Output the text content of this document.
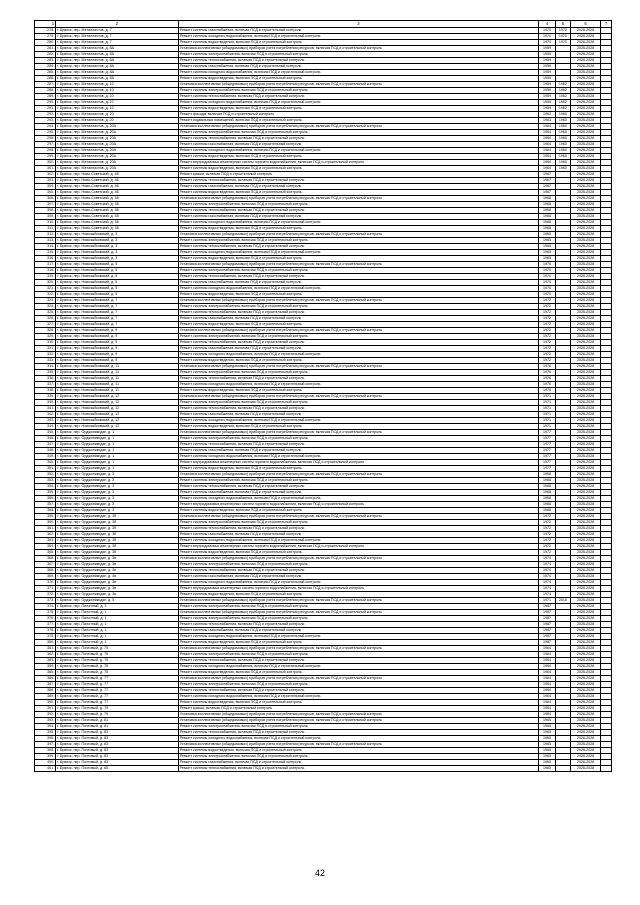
1	2	3	4	5	6	7
278.	г. Брянск, пер. Металлистов, д. 7	Ремонт системы газоснабжения, включая ПСД и строительный контроль	1970	1970	2026-2028	
279.	г. Брянск, пер. Металлистов, д. 7	Ремонт системы холодного водоснабжения, включая ПСД и строительный контроль	1970	1970	2026-2028	
280.	г. Брянск, пер. Металлистов, д. 7	Ремонт системы водоотведения, включая ПСД и строительный контроль	1970	1970	2026-2028	
281.	г. Брянск, пер. Металлистов, д. 8А	Установка коллективных (общедомовых) приборов учета потребления ресурсов, включая ПСД и строительный контроль	1959		2026-2028	
282.	г. Брянск, пер. Металлистов, д. 8А	Ремонт системы электроснабжения, включая ПСД и строительный контроль	1959		2026-2028	
283.	г. Брянск, пер. Металлистов, д. 8А	Ремонт системы теплоснабжения, включая ПСД и строительный контроль	1959		2026-2028	
284.	г. Брянск, пер. Металлистов, д. 8А	Ремонт системы газоснабжения, включая ПСД и строительный контроль	1959		2026-2028	
285.	г. Брянск, пер. Металлистов, д. 8А	Ремонт системы холодного водоснабжения, включая ПСД и строительный контроль	1959		2026-2028	
286.	г. Брянск, пер. Металлистов, д. 8А	Ремонт системы водоотведения, включая ПСД и строительный контроль	1959		2026-2028	
287.	г. Брянск, пер. Металлистов, д. 10	Установка коллективных (общедомовых) приборов учета потребления ресурсов, включая ПСД и строительный контроль	1959	1962	2026-2028	
288.	г. Брянск, пер. Металлистов, д. 10	Ремонт системы электроснабжения, включая ПСД и строительный контроль	1959	1962	2026-2028	
289.	г. Брянск, пер. Металлистов, д. 10	Ремонт системы теплоснабжения, включая ПСД и строительный контроль	1959	1962	2026-2028	
290.	г. Брянск, пер. Металлистов, д. 10	Ремонт системы холодного водоснабжения, включая ПСД и строительный контроль	1959	1962	2026-2028	
291.	г. Брянск, пер. Металлистов, д. 10	Ремонт системы водоотведения, включая ПСД и строительный контроль	1959	1962	2026-2028	
292.	г. Брянск, пер. Металлистов, д. 20	Ремонт фасада, включая ПСД и строительный контроль	1963	1960	2026-2028	
293.	г. Брянск, пер. Металлистов, д. 20	Ремонт подвальных помещений, включая ПСД и строительный контроль	1963	1960	2026-2028	
294.	г. Брянск, пер. Металлистов, д. 20А	Установка коллективных (общедомовых) приборов учета потребления ресурсов, включая ПСД и строительный контроль	1964	1960	2026-2028	
295.	г. Брянск, пер. Металлистов, д. 20А	Ремонт системы электроснабжения, включая ПСД и строительный контроль	1964	1960	2026-2028	
296.	г. Брянск, пер. Металлистов, д. 20А	Ремонт системы теплоснабжения, включая ПСД и строительный контроль	1964	1960	2026-2028	
297.	г. Брянск, пер. Металлистов, д. 20А	Ремонт системы газоснабжения, включая ПСД и строительный контроль	1964	1960	2026-2028	
298.	г. Брянск, пер. Металлистов, д. 20А	Ремонт системы холодного водоснабжения, включая ПСД и строительный контроль	1964	1960	2026-2028	
299.	г. Брянск, пер. Металлистов, д. 20А	Ремонт системы водоотведения, включая ПСД и строительный контроль	1964	1960	2026-2028	
300.	г. Брянск, пер. Металлистов, д. 20А	Ремонт внутридомовых инженерных систем горячего водоснабжения, включая ПСД и строительный контроль	1964	1960	2026-2028	
301.	г. Брянск, пер. Металлистов, д. 20А	Ремонт системы водоотведения, включая ПСД и строительный контроль	1964	1960	2026-2028	
302.	г. Брянск, пер. Ново-Советский, д. 46	Ремонт крыши, включая ПСД и строительный контроль	1967		2026-2028	
303.	г. Брянск, пер. Ново-Советский, д. 46	Ремонт системы теплоснабжения, включая ПСД и строительный контроль	1967		2026-2028	
304.	г. Брянск, пер. Ново-Советский, д. 46	Ремонт системы газоснабжения, включая ПСД и строительный контроль	1967		2026-2028	
305.	г. Брянск, пер. Ново-Советский, д. 46	Ремонт системы водоотведения, включая ПСД и строительный контроль	1967		2026-2028	
306.	г. Брянск, пер. Ново-Советский, д. 48	Установка коллективных (общедомовых) приборов учета потребления ресурсов, включая ПСД и строительный контроль	1968		2026-2028	
307.	г. Брянск, пер. Ново-Советский, д. 48	Ремонт системы электроснабжения, включая ПСД и строительный контроль	1968		2026-2028	
308.	г. Брянск, пер. Ново-Советский, д. 48	Ремонт системы теплоснабжения, включая ПСД и строительный контроль	1968		2026-2028	
309.	г. Брянск, пер. Ново-Советский, д. 48	Ремонт системы газоснабжения, включая ПСД и строительный контроль	1968		2026-2028	
310.	г. Брянск, пер. Ново-Советский, д. 48	Ремонт системы холодного водоснабжения, включая ПСД и строительный контроль	1968		2026-2028	
311.	г. Брянск, пер. Ново-Советский, д. 48	Ремонт системы водоотведения, включая ПСД и строительный контроль	1968		2026-2028	
312.	г. Брянск, пер. Новозыбковский, д. 3	Установка коллективных (общедомовых) приборов учета потребления ресурсов, включая ПСД и строительный контроль	1965		2026-2028	
313.	г. Брянск, пер. Новозыбковский, д. 3	Ремонт системы электроснабжения, включая ПСД и строительный контроль	1965		2026-2028	
314.	г. Брянск, пер. Новозыбковский, д. 3	Ремонт системы теплоснабжения, включая ПСД и строительный контроль	1965		2026-2028	
315.	г. Брянск, пер. Новозыбковский, д. 3	Ремонт системы холодного водоснабжения, включая ПСД и строительный контроль	1965		2026-2028	
316.	г. Брянск, пер. Новозыбковский, д. 3	Ремонт системы водоотведения, включая ПСД и строительный контроль	1965		2026-2028	
317.	г. Брянск, пер. Новозыбковский, д. 5	Установка коллективных (общедомовых) приборов учета потребления ресурсов, включая ПСД и строительный контроль	1970		2026-2028	
318.	г. Брянск, пер. Новозыбковский, д. 5	Ремонт системы электроснабжения, включая ПСД и строительный контроль	1970		2026-2028	
319.	г. Брянск, пер. Новозыбковский, д. 5	Ремонт системы теплоснабжения, включая ПСД и строительный контроль	1970		2026-2028	
320.	г. Брянск, пер. Новозыбковский, д. 5	Ремонт системы газоснабжения, включая ПСД и строительный контроль	1970		2026-2028	
321.	г. Брянск, пер. Новозыбковский, д. 5	Ремонт системы холодного водоснабжения, включая ПСД и строительный контроль	1970		2026-2028	
322.	г. Брянск, пер. Новозыбковский, д. 5	Ремонт системы водоотведения, включая ПСД и строительный контроль	1970		2026-2028	
323.	г. Брянск, пер. Новозыбковский, д. 7	Установка коллективных (общедомовых) приборов учета потребления ресурсов, включая ПСД и строительный контроль	1972		2026-2028	
324.	г. Брянск, пер. Новозыбковский, д. 7	Ремонт системы электроснабжения, включая ПСД и строительный контроль	1972		2026-2028	
325.	г. Брянск, пер. Новозыбковский, д. 7	Ремонт системы теплоснабжения, включая ПСД и строительный контроль	1972		2026-2028	
326.	г. Брянск, пер. Новозыбковский, д. 7	Ремонт системы газоснабжения, включая ПСД и строительный контроль	1972		2026-2028	
327.	г. Брянск, пер. Новозыбковский, д. 7	Ремонт системы водоотведения, включая ПСД и строительный контроль	1972		2026-2028	
328.	г. Брянск, пер. Новозыбковский, д. 9	Установка коллективных (общедомовых) приборов учета потребления ресурсов, включая ПСД и строительный контроль	1972		2026-2028	
329.	г. Брянск, пер. Новозыбковский, д. 9	Ремонт системы электроснабжения, включая ПСД и строительный контроль	1972		2026-2028	
330.	г. Брянск, пер. Новозыбковский, д. 9	Ремонт системы теплоснабжения, включая ПСД и строительный контроль	1972		2026-2028	
331.	г. Брянск, пер. Новозыбковский, д. 9	Ремонт системы газоснабжения, включая ПСД и строительный контроль	1972		2026-2028	
332.	г. Брянск, пер. Новозыбковский, д. 9	Ремонт системы холодного водоснабжения, включая ПСД и строительный контроль	1972		2026-2028	
333.	г. Брянск, пер. Новозыбковский, д. 9	Ремонт системы водоотведения, включая ПСД и строительный контроль	1972		2026-2028	
334.	г. Брянск, пер. Новозыбковский, д. 11	Установка коллективных (общедомовых) приборов учета потребления ресурсов, включая ПСД и строительный контроль	1976		2026-2028	
335.	г. Брянск, пер. Новозыбковский, д. 11	Ремонт системы электроснабжения, включая ПСД и строительный контроль	1976		2026-2028	
336.	г. Брянск, пер. Новозыбковский, д. 11	Ремонт системы теплоснабжения, включая ПСД и строительный контроль	1976		2026-2028	
337.	г. Брянск, пер. Новозыбковский, д. 11	Ремонт системы холодного водоснабжения, включая ПСД и строительный контроль	1976		2026-2028	
338.	г. Брянск, пер. Новозыбковский, д. 11	Ремонт системы водоотведения, включая ПСД и строительный контроль	1976		2026-2028	
339.	г. Брянск, пер. Новозыбковский, д. 12	Установка коллективных (общедомовых) приборов учета потребления ресурсов, включая ПСД и строительный контроль	1971		2026-2028	
340.	г. Брянск, пер. Новозыбковский, д. 12	Ремонт системы электроснабжения, включая ПСД и строительный контроль	1971		2026-2028	
341.	г. Брянск, пер. Новозыбковский, д. 12	Ремонт системы теплоснабжения, включая ПСД и строительный контроль	1971		2026-2028	
342.	г. Брянск, пер. Новозыбковский, д. 12	Ремонт системы газоснабжения, включая ПСД и строительный контроль	1971		2026-2028	
343.	г. Брянск, пер. Новозыбковский, д. 12	Ремонт системы холодного водоснабжения, включая ПСД и строительный контроль	1971		2026-2028	
344.	г. Брянск, пер. Новозыбковский, д. 12	Ремонт системы водоотведения, включая ПСД и строительный контроль	1971		2026-2028	
345.	г. Брянск, пер. Орджоникидзе, д. 1	Установка коллективных (общедомовых) приборов учета потребления ресурсов, включая ПСД и строительный контроль	1977		2026-2028	
346.	г. Брянск, пер. Орджоникидзе, д. 1	Ремонт системы электроснабжения, включая ПСД и строительный контроль	1977		2026-2028	
347.	г. Брянск, пер. Орджоникидзе, д. 1	Ремонт системы теплоснабжения, включая ПСД и строительный контроль	1977		2026-2028	
348.	г. Брянск, пер. Орджоникидзе, д. 1	Ремонт системы газоснабжения, включая ПСД и строительный контроль	1977		2026-2028	
349.	г. Брянск, пер. Орджоникидзе, д. 1	Ремонт системы холодного водоснабжения, включая ПСД и строительный контроль	1977		2026-2028	
350.	г. Брянск, пер. Орджоникидзе, д. 1	Ремонт внутридомовых инженерных систем горячего водоснабжения, включая ПСД и строительный контроль	1977		2026-2028	
351.	г. Брянск, пер. Орджоникидзе, д. 1	Ремонт системы водоотведения, включая ПСД и строительный контроль	1977		2026-2028	
352.	г. Брянск, пер. Орджоникидзе, д. 3	Установка коллективных (общедомовых) приборов учета потребления ресурсов, включая ПСД и строительный контроль	1968		2026-2028	
353.	г. Брянск, пер. Орджоникидзе, д. 3	Ремонт системы электроснабжения, включая ПСД и строительный контроль	1968		2026-2028	
354.	г. Брянск, пер. Орджоникидзе, д. 3	Ремонт системы теплоснабжения, включая ПСД и строительный контроль	1968		2026-2028	
355.	г. Брянск, пер. Орджоникидзе, д. 3	Ремонт системы газоснабжения, включая ПСД и строительный контроль	1968		2026-2028	
356.	г. Брянск, пер. Орджоникидзе, д. 3	Ремонт системы холодного водоснабжения, включая ПСД и строительный контроль	1968		2026-2028	
357.	г. Брянск, пер. Орджоникидзе, д. 3	Ремонт внутридомовых инженерных систем горячего водоснабжения, включая ПСД и строительный контроль	1968		2026-2028	
358.	г. Брянск, пер. Орджоникидзе, д. 3	Ремонт системы водоотведения, включая ПСД и строительный контроль	1968		2026-2028	
359.	г. Брянск, пер. Орджоникидзе, д. 3б	Установка коллективных (общедомовых) приборов учета потребления ресурсов, включая ПСД и строительный контроль	1972		2026-2028	
360.	г. Брянск, пер. Орджоникидзе, д. 3б	Ремонт системы электроснабжения, включая ПСД и строительный контроль	1972		2026-2028	
361.	г. Брянск, пер. Орджоникидзе, д. 3б	Ремонт системы теплоснабжения, включая ПСД и строительный контроль	1972		2026-2028	
362.	г. Брянск, пер. Орджоникидзе, д. 3б	Ремонт системы газоснабжения, включая ПСД и строительный контроль	1972		2026-2028	
363.	г. Брянск, пер. Орджоникидзе, д. 3б	Ремонт системы холодного водоснабжения, включая ПСД и строительный контроль	1972		2026-2028	
364.	г. Брянск, пер. Орджоникидзе, д. 3б	Ремонт внутридомовых инженерных систем горячего водоснабжения, включая ПСД и строительный контроль	1972		2026-2028	
365.	г. Брянск, пер. Орджоникидзе, д. 3б	Ремонт системы водоотведения, включая ПСД и строительный контроль	1972		2026-2028	
366.	г. Брянск, пер. Орджоникидзе, д. 3в	Установка коллективных (общедомовых) приборов учета потребления ресурсов, включая ПСД и строительный контроль	1974		2026-2028	
367.	г. Брянск, пер. Орджоникидзе, д. 3в	Ремонт системы электроснабжения, включая ПСД и строительный контроль	1974		2026-2028	
368.	г. Брянск, пер. Орджоникидзе, д. 3в	Ремонт системы теплоснабжения, включая ПСД и строительный контроль	1974		2026-2028	
369.	г. Брянск, пер. Орджоникидзе, д. 3в	Ремонт системы газоснабжения, включая ПСД и строительный контроль	1974		2026-2028	
370.	г. Брянск, пер. Орджоникидзе, д. 3в	Ремонт системы холодного водоснабжения, включая ПСД и строительный контроль	1974		2026-2028	
371.	г. Брянск, пер. Орджоникидзе, д. 3в	Ремонт внутридомовых инженерных систем горячего водоснабжения, включая ПСД и строительный контроль	1974		2026-2028	
372.	г. Брянск, пер. Орджоникидзе, д. 3в	Ремонт системы водоотведения, включая ПСД и строительный контроль	1974		2026-2028	
373.	г. Брянск, пер. Орджоникидзе, д. 5	Установка коллективных (общедомовых) приборов учета потребления ресурсов, включая ПСД и строительный контроль	1971	2018	2026-2028	
374.	г. Брянск, пер. Пилотный, д. 1	Ремонт системы электроснабжения, включая ПСД и строительный контроль	1987		2026-2028	
375.	г. Брянск, пер. Пилотный, д. 1	Установка коллективных (общедомовых) приборов учета потребления ресурсов, включая ПСД и строительный контроль	1987		2026-2028	
376.	г. Брянск, пер. Пилотный, д. 1	Ремонт системы электроснабжения, включая ПСД и строительный контроль	1987		2026-2028	
377.	г. Брянск, пер. Пилотный, д. 1	Ремонт системы теплоснабжения, включая ПСД и строительный контроль	1987		2026-2028	
378.	г. Брянск, пер. Пилотный, д. 1	Ремонт системы газоснабжения, включая ПСД и строительный контроль	1987		2026-2028	
379.	г. Брянск, пер. Пилотный, д. 1	Ремонт системы холодного водоснабжения, включая ПСД и строительный контроль	1987		2026-2028	
380.	г. Брянск, пер. Пилотный, д. 1	Ремонт системы водоотведения, включая ПСД и строительный контроль	1987		2026-2028	
381.	г. Брянск, пер. Почтовый, д. 75	Установка коллективных (общедомовых) приборов учета потребления ресурсов, включая ПСД и строительный контроль	1964		2026-2028	
382.	г. Брянск, пер. Почтовый, д. 75	Ремонт системы электроснабжения, включая ПСД и строительный контроль	1964		2026-2028	
383.	г. Брянск, пер. Почтовый, д. 75	Ремонт системы теплоснабжения, включая ПСД и строительный контроль	1964		2026-2028	
384.	г. Брянск, пер. Почтовый, д. 75	Ремонт системы холодного водоснабжения, включая ПСД и строительный контроль	1964		2026-2028	
385.	г. Брянск, пер. Почтовый, д. 75	Ремонт системы водоотведения, включая ПСД и строительный контроль	1964		2026-2028	
386.	г. Брянск, пер. Почтовый, д. 77	Установка коллективных (общедомовых) приборов учета потребления ресурсов, включая ПСД и строительный контроль	1964		2026-2028	
387.	г. Брянск, пер. Почтовый, д. 77	Ремонт системы электроснабжения, включая ПСД и строительный контроль	1964		2026-2028	
388.	г. Брянск, пер. Почтовый, д. 77	Ремонт системы теплоснабжения, включая ПСД и строительный контроль	1964		2026-2028	
389.	г. Брянск, пер. Почтовый, д. 77	Ремонт системы холодного водоснабжения, включая ПСД и строительный контроль	1964		2026-2028	
390.	г. Брянск, пер. Почтовый, д. 77	Ремонт системы водоотведения, включая ПСД и строительный контроль	1964		2026-2028	
391.	г. Брянск, пер. Почтовый, д. 79	Ремонт крыши, включая ПСД и строительный контроль	1964		2026-2028	
392.	г. Брянск, пер. Почтовый, д. 79	Установка коллективных (общедомовых) приборов учета потребления ресурсов, включая ПСД и строительный контроль	1964		2026-2028	
393.	г. Брянск, пер. Почтовый, д. 81	Установка коллективных (общедомовых) приборов учета потребления ресурсов, включая ПСД и строительный контроль	1965		2026-2028	
394.	г. Брянск, пер. Почтовый, д. 81	Ремонт системы электроснабжения, включая ПСД и строительный контроль	1965		2026-2028	
395.	г. Брянск, пер. Почтовый, д. 83	Ремонт системы теплоснабжения, включая ПСД и строительный контроль	1965		2026-2028	
396.	г. Брянск, пер. Почтовый, д. 83	Ремонт системы холодного водоснабжения, включая ПСД и строительный контроль	1965		2026-2028	
397.	г. Брянск, пер. Почтовый, д. 83	Установка коллективных (общедомовых) приборов учета потребления ресурсов, включая ПСД и строительный контроль	1965		2026-2028	
398.	г. Брянск, пер. Почтовый, д. 83	Ремонт системы водоотведения, включая ПСД и строительный контроль	1965		2026-2028	
399.	г. Брянск, пер. Почтовый, д. 83	Ремонт системы электроснабжения, включая ПСД и строительный контроль	1965		2026-2028	
400.	г. Брянск, пер. Почтовый, д. 83	Ремонт системы газоснабжения, включая ПСД и строительный контроль	1965		2026-2028	
401.	г. Брянск, пер. Почтовый, д. 85	Ремонт системы теплоснабжения, включая ПСД и строительный контроль	1965		2026-2028	
42
